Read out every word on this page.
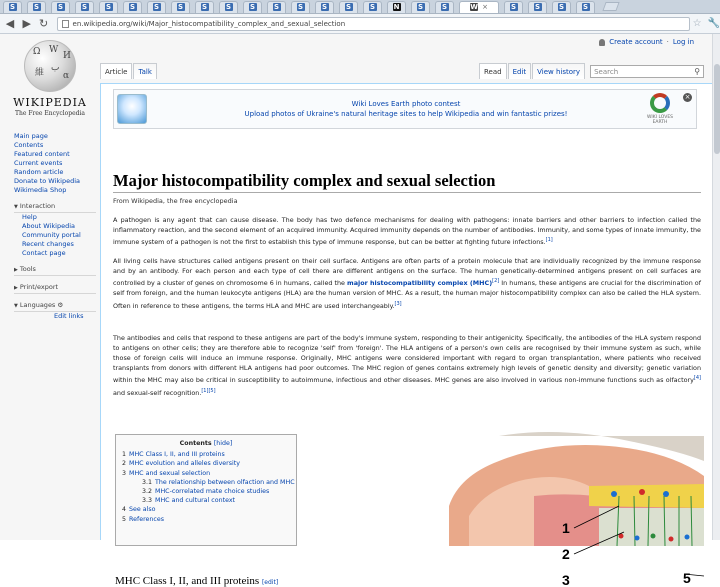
S	S	S	S	S	S	S	S	S	S	S	S	S	S	S	S	N	S	S	W ×	S	S	S	S
◀ ▶ ↻	en.wikipedia.org/wiki/Major_histocompatibility_complex_and_sexual_selection	☆ 🔧
Ω W
И
維 ب
α
WIKIPEDIA
The Free Encyclopedia
Create account · Log in
Article	Talk	Read	Edit	View history	Search	⚲
Main page
Contents
Featured content
Current events
Random article
Donate to Wikipedia
Wikimedia Shop
▼ Interaction
Help
About Wikipedia
Community portal
Recent changes
Contact page
▶ Tools
▶ Print/export
▼ Languages ⚙
Edit links
Wiki Loves Earth photo contest
Upload photos of Ukraine's natural heritage sites to help Wikipedia and win fantastic prizes!	WIKI LOVES EARTH
×
Major histocompatibility complex and sexual selection
From Wikipedia, the free encyclopedia

A pathogen is any agent that can cause disease. The body has two defence mechanisms for dealing with pathogens: innate barriers and other barriers to infection called the inflammatory reaction, and the second element of an acquired immunity. Acquired immunity depends on the number of antibodies. Immunity, and some types of innate immunity, the immune system of a pathogen is not the first to establish this type of immune response, but can be better at fighting future infections.[1]

All living cells have structures called antigens present on their cell surface. Antigens are often parts of a protein molecule that are individually recognized by the immune response and by an antibody. For each person and each type of cell there are different antigens on the surface. The human genetically-determined antigens present on cell surfaces are controlled by a cluster of genes on chromosome 6 in humans, called the major histocompatibility complex (MHC)[2] In humans, these antigens are crucial for the discrimination of self from foreign, and the human leukocyte antigens (HLA) are the human version of MHC. As a result, the human major histocompatibility complex can also be called the HLA system. Often in reference to these antigens, the terms HLA and MHC are used interchangeably.[3]

The antibodies and cells that respond to these antigens are part of the body's immune system, responding to their antigenicity. Specifically, the antibodies of the HLA system respond to antigens on other cells; they are therefore able to recognize 'self' from 'foreign'. The HLA antigens of a person's own cells are recognised by their immune system as such, while those of foreign cells will induce an immune response. Originally, MHC antigens were considered important with regard to organ transplantation, where patients who received transplants from donors with different HLA antigens had poor outcomes. The MHC region of genes contains extremely high levels of genetic density and diversity; genetic variation within the MHC may also be critical in susceptibility to autoimmune, infectious and other diseases. MHC genes are also involved in various non-immune functions such as olfactory[4] and sexual-self recognition.[1][5]

Contents [hide]
1 MHC Class I, II, and III proteins
2 MHC evolution and alleles diversity
3 MHC and sexual selection
3.1 The relationship between olfaction and MHC
3.2 MHC-correlated mate choice studies
3.3 MHC and cultural context
4 See also
5 References
1
2
3	5
MHC Class I, II, and III proteins [edit]
